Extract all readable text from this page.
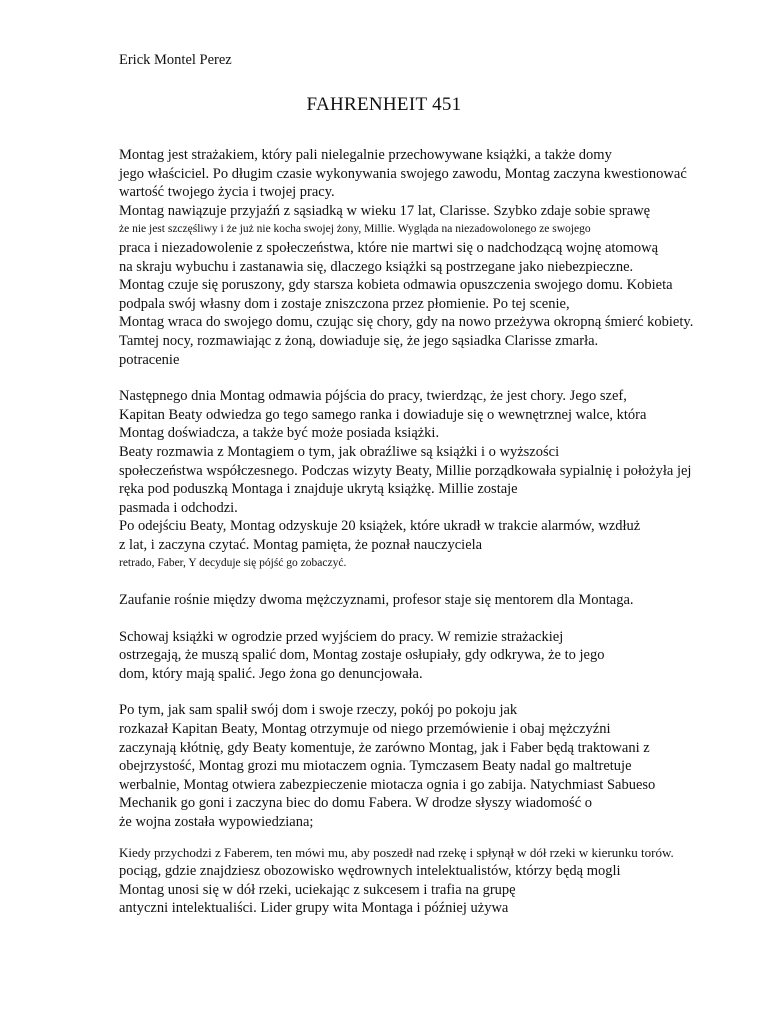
Erick Montel Perez
FAHRENHEIT 451
Montag jest strażakiem, który pali nielegalnie przechowywane książki, a także domy
jego właściciel. Po długim czasie wykonywania swojego zawodu, Montag zaczyna kwestionować
wartość twojego życia i twojej pracy.
Montag nawiązuje przyjaźń z sąsiadką w wieku 17 lat, Clarisse. Szybko zdaje sobie sprawę
że nie jest szczęśliwy i że już nie kocha swojej żony, Millie. Wygląda na niezadowolonego ze swojego
praca i niezadowolenie z społeczeństwa, które nie martwi się o nadchodzącą wojnę atomową
na skraju wybuchu i zastanawia się, dlaczego książki są postrzegane jako niebezpieczne.
Montag czuje się poruszony, gdy starsza kobieta odmawia opuszczenia swojego domu. Kobieta
podpala swój własny dom i zostaje zniszczona przez płomienie. Po tej scenie,
Montag wraca do swojego domu, czując się chory, gdy na nowo przeżywa okropną śmierć kobiety.
Tamtej nocy, rozmawiając z żoną, dowiaduje się, że jego sąsiadka Clarisse zmarła.
potracenie
Następnego dnia Montag odmawia pójścia do pracy, twierdząc, że jest chory. Jego szef,
Kapitan Beaty odwiedza go tego samego ranka i dowiaduje się o wewnętrznej walce, która
Montag doświadcza, a także być może posiada książki.
Beaty rozmawia z Montagiem o tym, jak obraźliwe są książki i o wyższości
społeczeństwa współczesnego. Podczas wizyty Beaty, Millie porządkowała sypialnię i położyła jej
ręka pod poduszką Montaga i znajduje ukrytą książkę. Millie zostaje
pasmada i odchodzi.
Po odejściu Beaty, Montag odzyskuje 20 książek, które ukradł w trakcie alarmów, wzdłuż
z lat, i zaczyna czytać. Montag pamięta, że poznał nauczyciela
retrado, Faber, Y decyduje się pójść go zobaczyć.
Zaufanie rośnie między dwoma mężczyznami, profesor staje się mentorem dla Montaga.
Schowaj książki w ogrodzie przed wyjściem do pracy. W remizie strażackiej
ostrzegają, że muszą spalić dom, Montag zostaje osłupiały, gdy odkrywa, że to jego
dom, który mają spalić. Jego żona go denuncjowała.
Po tym, jak sam spalił swój dom i swoje rzeczy, pokój po pokoju jak
rozkazał Kapitan Beaty, Montag otrzymuje od niego przemówienie i obaj mężczyźni
zaczynają kłótnię, gdy Beaty komentuje, że zarówno Montag, jak i Faber będą traktowani z
obejrzystość, Montag grozi mu miotaczem ognia. Tymczasem Beaty nadal go maltretuje
werbalnie, Montag otwiera zabezpieczenie miotacza ognia i go zabija. Natychmiast Sabueso
Mechanik go goni i zaczyna biec do domu Fabera. W drodze słyszy wiadomość o
że wojna została wypowiedziana;
Kiedy przychodzi z Faberem, ten mówi mu, aby poszedł nad rzekę i spłynął w dół rzeki w kierunku torów.
pociąg, gdzie znajdziesz obozowisko wędrownych intelektualistów, którzy będą mogli
Montag unosi się w dół rzeki, uciekając z sukcesem i trafia na grupę
antyczni intelektualiści. Lider grupy wita Montaga i później używa
